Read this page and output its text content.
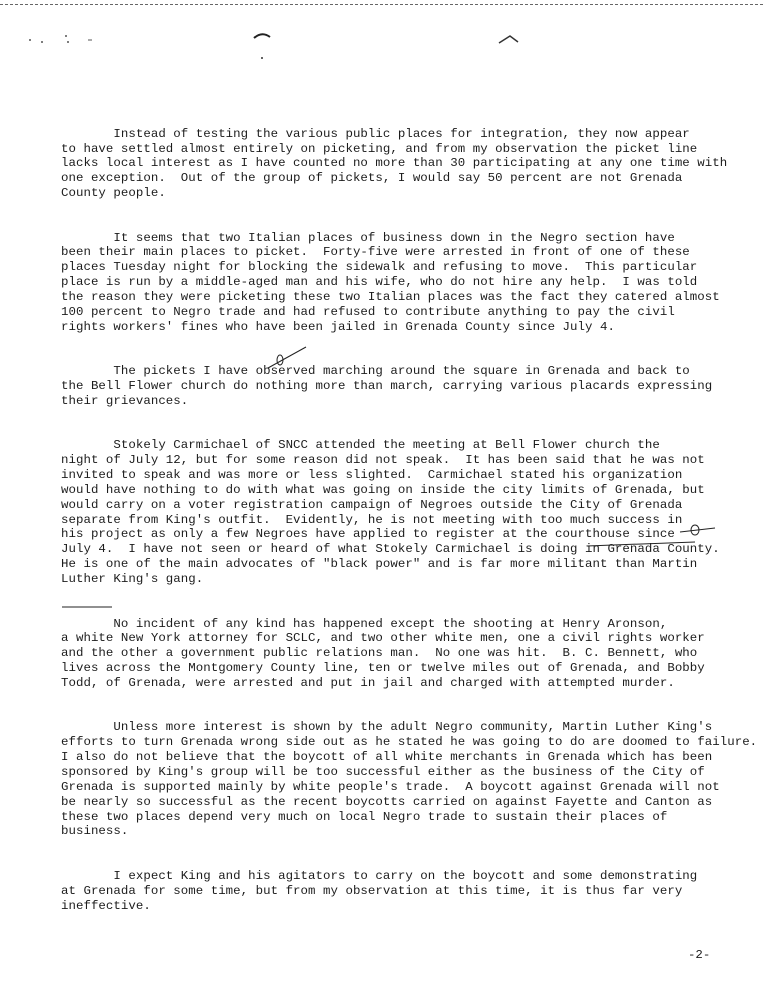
Instead of testing the various public places for integration, they now appear
to have settled almost entirely on picketing, and from my observation the picket line
lacks local interest as I have counted no more than 30 participating at any one time with
one exception.  Out of the group of pickets, I would say 50 percent are not Grenada
County people.

It seems that two Italian places of business down in the Negro section have
been their main places to picket.  Forty-five were arrested in front of one of these
places Tuesday night for blocking the sidewalk and refusing to move.  This particular
place is run by a middle-aged man and his wife, who do not hire any help.  I was told
the reason they were picketing these two Italian places was the fact they catered almost
100 percent to Negro trade and had refused to contribute anything to pay the civil
rights workers' fines who have been jailed in Grenada County since July 4.

The pickets I have observed marching around the square in Grenada and back to
the Bell Flower church do nothing more than march, carrying various placards expressing
their grievances.

Stokely Carmichael of SNCC attended the meeting at Bell Flower church the
night of July 12, but for some reason did not speak.  It has been said that he was not
invited to speak and was more or less slighted.  Carmichael stated his organization
would have nothing to do with what was going on inside the city limits of Grenada, but
would carry on a voter registration campaign of Negroes outside the City of Grenada
separate from King's outfit.  Evidently, he is not meeting with too much success in
his project as only a few Negroes have applied to register at the courthouse since
July 4.  I have not seen or heard of what Stokely Carmichael is doing in Grenada County.
He is one of the main advocates of "black power" and is far more militant than Martin
Luther King's gang.

No incident of any kind has happened except the shooting at Henry Aronson,
a white New York attorney for SCLC, and two other white men, one a civil rights worker
and the other a government public relations man.  No one was hit.  B. C. Bennett, who
lives across the Montgomery County line, ten or twelve miles out of Grenada, and Bobby
Todd, of Grenada, were arrested and put in jail and charged with attempted murder.

Unless more interest is shown by the adult Negro community, Martin Luther King's
efforts to turn Grenada wrong side out as he stated he was going to do are doomed to failure.
I also do not believe that the boycott of all white merchants in Grenada which has been
sponsored by King's group will be too successful either as the business of the City of
Grenada is supported mainly by white people's trade.  A boycott against Grenada will not
be nearly so successful as the recent boycotts carried on against Fayette and Canton as
these two places depend very much on local Negro trade to sustain their places of
business.

I expect King and his agitators to carry on the boycott and some demonstrating
at Grenada for some time, but from my observation at this time, it is thus far very
ineffective.

-2-
